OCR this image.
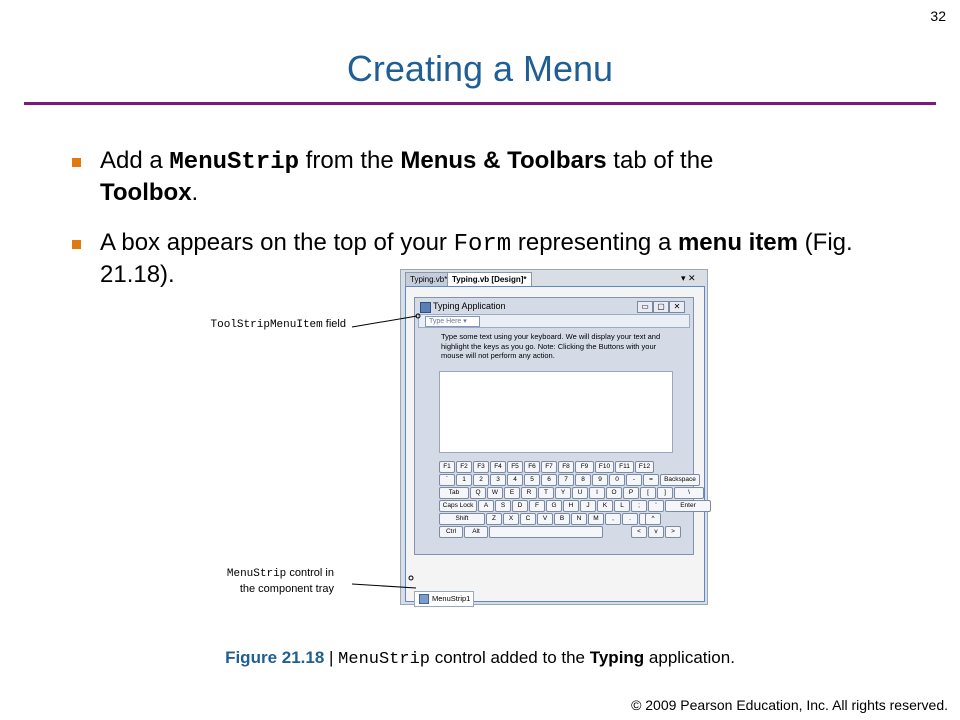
32
Creating a Menu
Add a MenuStrip from the Menus & Toolbars tab of the Toolbox.
A box appears on the top of your Form representing a menu item (Fig. 21.18).
ToolStripMenuItem field
MenuStrip control in
the component tray
Typing.vb* Typing.vb [Design]*	▾ ✕
Typing Application	▭	▢	✕
Type Here ▾
Type some text using your keyboard. We will display your text and highlight the keys as you go. Note: Clicking the Buttons with your mouse will not perform any action.
F1	F2	F3	F4	F5	F6	F7	F8	F9	F10	F11	F12
`	1	2	3	4	5	6	7	8	9	0	-	=	Backspace
Tab	Q	W	E	R	T	Y	U	I	O	P	[	]	\
Caps Lock	A	S	D	F	G	H	J	K	L	;	'	Enter
Shift	Z	X	C	V	B	N	M	,	.	^
Ctrl	Alt	<	v	>
MenuStrip1
Figure 21.18 | MenuStrip control added to the Typing application.
© 2009 Pearson Education, Inc. All rights reserved.
